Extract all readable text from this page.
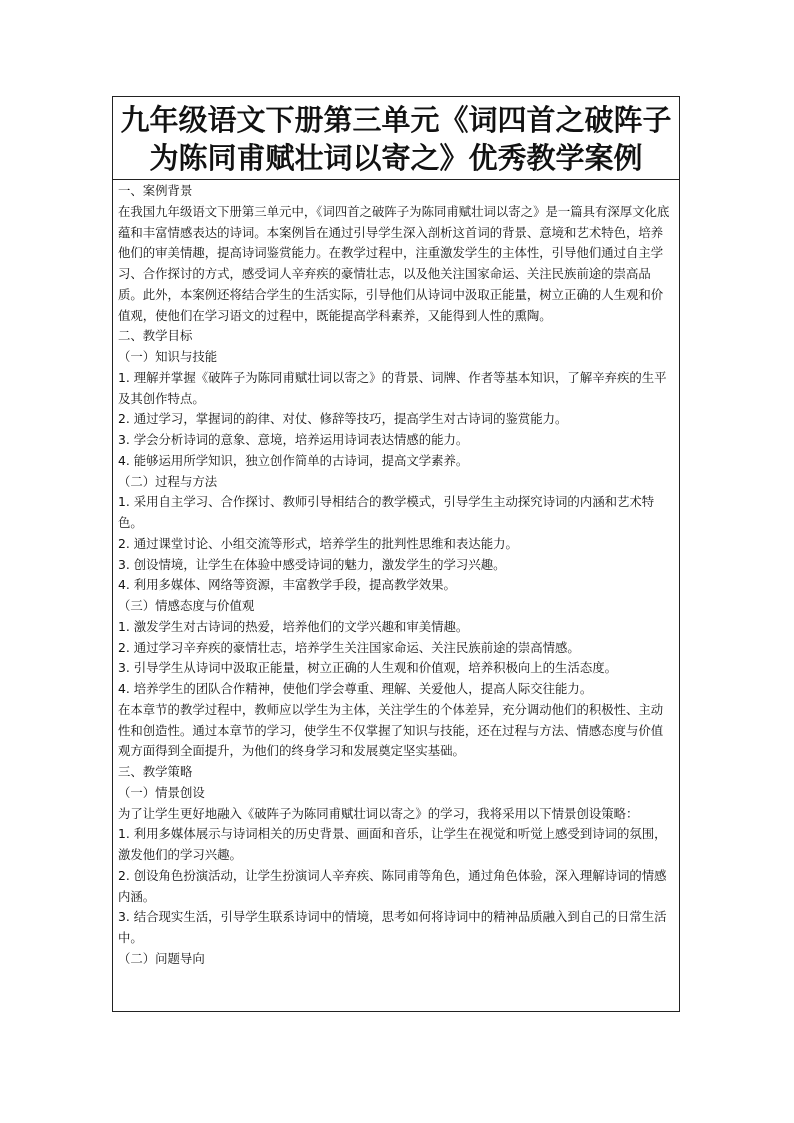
九年级语文下册第三单元《词四首之破阵子
为陈同甫赋壮词以寄之》优秀教学案例

一、案例背景

在我国九年级语文下册第三单元中，《词四首之破阵子为陈同甫赋壮词以寄之》是一篇具有深厚文化底蕴和丰富情感表达的诗词。本案例旨在通过引导学生深入剖析这首词的背景、意境和艺术特色，培养他们的审美情趣，提高诗词鉴赏能力。在教学过程中，注重激发学生的主体性，引导他们通过自主学习、合作探讨的方式，感受词人辛弃疾的豪情壮志，以及他关注国家命运、关注民族前途的崇高品质。此外，本案例还将结合学生的生活实际，引导他们从诗词中汲取正能量，树立正确的人生观和价值观，使他们在学习语文的过程中，既能提高学科素养，又能得到人性的熏陶。

二、教学目标

（一）知识与技能

1. 理解并掌握《破阵子为陈同甫赋壮词以寄之》的背景、词牌、作者等基本知识，了解辛弃疾的生平及其创作特点。

2. 通过学习，掌握词的韵律、对仗、修辞等技巧，提高学生对古诗词的鉴赏能力。

3. 学会分析诗词的意象、意境，培养运用诗词表达情感的能力。

4. 能够运用所学知识，独立创作简单的古诗词，提高文学素养。

（二）过程与方法

1. 采用自主学习、合作探讨、教师引导相结合的教学模式，引导学生主动探究诗词的内涵和艺术特色。

2. 通过课堂讨论、小组交流等形式，培养学生的批判性思维和表达能力。

3. 创设情境，让学生在体验中感受诗词的魅力，激发学生的学习兴趣。

4. 利用多媒体、网络等资源，丰富教学手段，提高教学效果。

（三）情感态度与价值观

1. 激发学生对古诗词的热爱，培养他们的文学兴趣和审美情趣。

2. 通过学习辛弃疾的豪情壮志，培养学生关注国家命运、关注民族前途的崇高情感。

3. 引导学生从诗词中汲取正能量，树立正确的人生观和价值观，培养积极向上的生活态度。

4. 培养学生的团队合作精神，使他们学会尊重、理解、关爱他人，提高人际交往能力。

在本章节的教学过程中，教师应以学生为主体，关注学生的个体差异，充分调动他们的积极性、主动性和创造性。通过本章节的学习，使学生不仅掌握了知识与技能，还在过程与方法、情感态度与价值观方面得到全面提升，为他们的终身学习和发展奠定坚实基础。

三、教学策略

（一）情景创设

为了让学生更好地融入《破阵子为陈同甫赋壮词以寄之》的学习，我将采用以下情景创设策略：

1. 利用多媒体展示与诗词相关的历史背景、画面和音乐，让学生在视觉和听觉上感受到诗词的氛围，激发他们的学习兴趣。

2. 创设角色扮演活动，让学生扮演词人辛弃疾、陈同甫等角色，通过角色体验，深入理解诗词的情感内涵。

3. 结合现实生活，引导学生联系诗词中的情境，思考如何将诗词中的精神品质融入到自己的日常生活中。

（二）问题导向
